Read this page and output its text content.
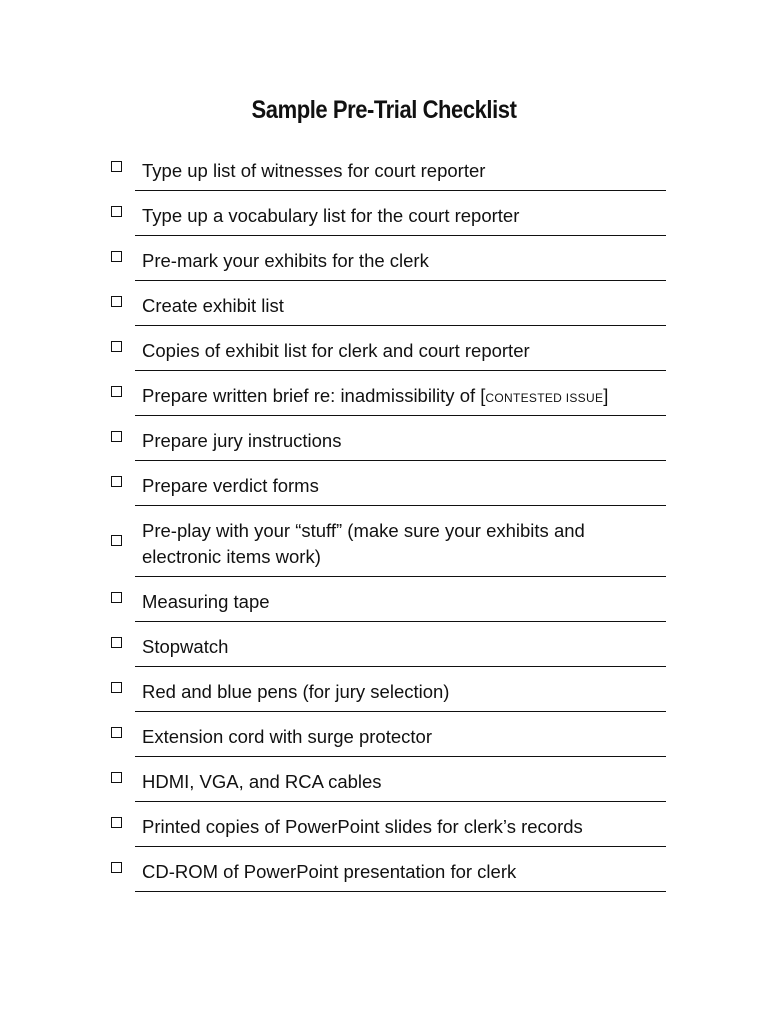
Sample Pre-Trial Checklist
Type up list of witnesses for court reporter
Type up a vocabulary list for the court reporter
Pre-mark your exhibits for the clerk
Create exhibit list
Copies of exhibit list for clerk and court reporter
Prepare written brief re: inadmissibility of [CONTESTED ISSUE]
Prepare jury instructions
Prepare verdict forms
Pre-play with your “stuff” (make sure your exhibits and electronic items work)
Measuring tape
Stopwatch
Red and blue pens (for jury selection)
Extension cord with surge protector
HDMI, VGA, and RCA cables
Printed copies of PowerPoint slides for clerk’s records
CD-ROM of PowerPoint presentation for clerk
